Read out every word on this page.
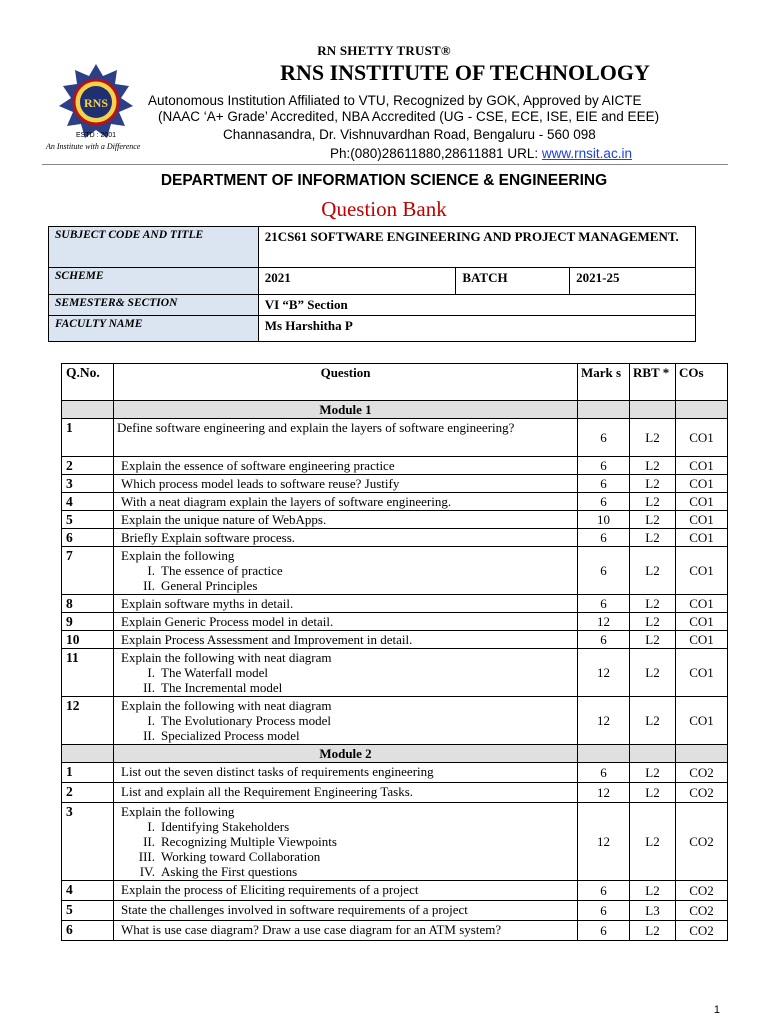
RNS
ESTD : 2001
An Institute with a Difference
RN SHETTY TRUST®
RNS INSTITUTE OF TECHNOLOGY
Autonomous Institution Affiliated to VTU, Recognized by GOK, Approved by AICTE
(NAAC ‘A+ Grade’ Accredited, NBA Accredited (UG - CSE, ECE, ISE, EIE and EEE)
Channasandra, Dr. Vishnuvardhan Road, Bengaluru - 560 098
Ph:(080)28611880,28611881 URL: www.rnsit.ac.in
DEPARTMENT OF INFORMATION SCIENCE & ENGINEERING
Question Bank
SUBJECT CODE AND TITLE	21CS61 SOFTWARE ENGINEERING AND PROJECT MANAGEMENT.		
SCHEME	2021	BATCH	2021-25
SEMESTER& SECTION	VI “B” Section		
FACULTY NAME	Ms Harshitha P		
Q.No.	Question	Mark s	RBT *	COs
	Module 1			
1	Define software engineering and explain the layers of software engineering?	6	L2	CO1
2	Explain the essence of software engineering practice	6	L2	CO1
3	Which process model leads to software reuse? Justify	6	L2	CO1
4	With a neat diagram explain the layers of software engineering.	6	L2	CO1
5	Explain the unique nature of WebApps.	10	L2	CO1
6	Briefly Explain software process.	6	L2	CO1
7	Explain the following
I. The essence of practice
II. General Principles	6	L2	CO1
8	Explain software myths in detail.	6	L2	CO1
9	Explain Generic Process model in detail.	12	L2	CO1
10	Explain Process Assessment and Improvement in detail.	6	L2	CO1
11	Explain the following with neat diagram
I. The Waterfall model
II. The Incremental model	12	L2	CO1
12	Explain the following with neat diagram
I. The Evolutionary Process model
II. Specialized Process model	12	L2	CO1
	Module 2			
1	List out the seven distinct tasks of requirements engineering	6	L2	CO2
2	List and explain all the Requirement Engineering Tasks.	12	L2	CO2
3	Explain the following
I. Identifying Stakeholders
II. Recognizing Multiple Viewpoints
III. Working toward Collaboration
IV. Asking the First questions	12	L2	CO2
4	Explain the process of Eliciting requirements of a project	6	L2	CO2
5	State the challenges involved in software requirements of a project	6	L3	CO2
6	What is use case diagram? Draw a use case diagram for an ATM system?	6	L2	CO2
1
